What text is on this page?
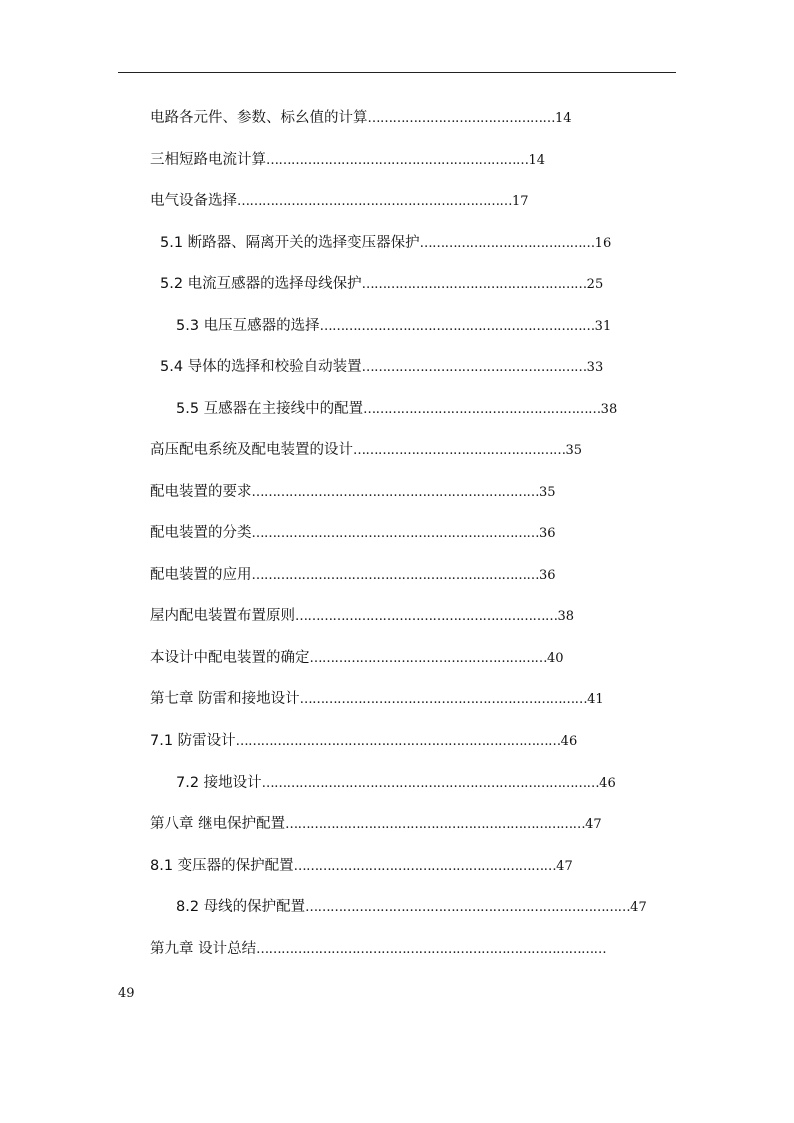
电路各元件、参数、标幺值的计算………………………………………14
三相短路电流计算………………………………………………………14
电气设备选择…………………………………………………………17
5.1 断路器、隔离开关的选择变压器保护……………………………………16
5.2 电流互感器的选择母线保护………………………………………………25
5.3 电压互感器的选择…………………………………………………………31
5.4 导体的选择和校验自动装置………………………………………………33
5.5 互感器在主接线中的配置…………………………………………………38
高压配电系统及配电装置的设计……………………………………………35
配电装置的要求……………………………………………………………35
配电装置的分类……………………………………………………………36
配电装置的应用……………………………………………………………36
屋内配电装置布置原则………………………………………………………38
本设计中配电装置的确定…………………………………………………40
第七章 防雷和接地设计……………………………………………………………41
7.1 防雷设计……………………………………………………………………46
7.2 接地设计………………………………………………………………………46
第八章 继电保护配置………………………………………………………………47
8.1 变压器的保护配置………………………………………………………47
8.2 母线的保护配置……………………………………………………………………47
第九章 设计总结…………………………………………………………………………
49
